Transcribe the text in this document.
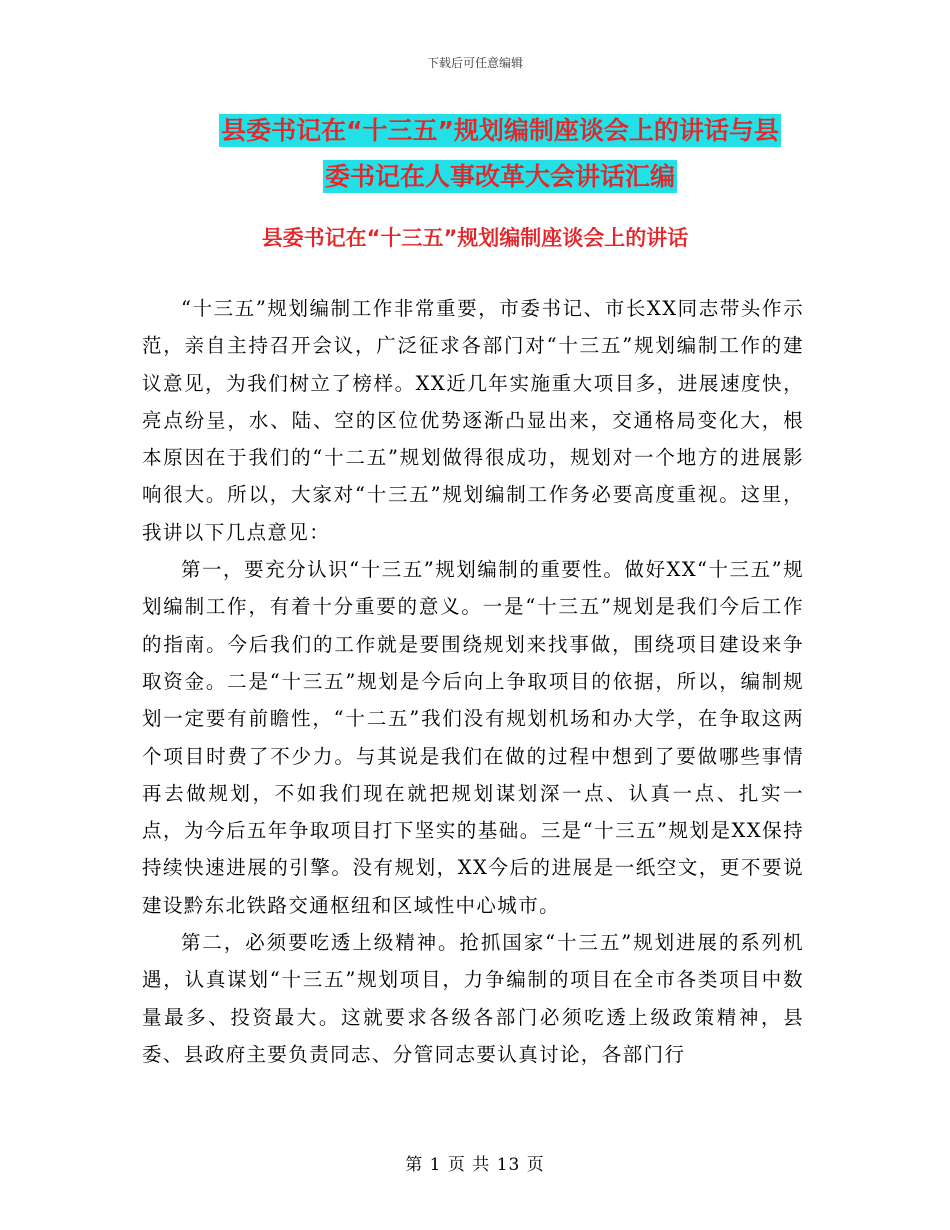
下载后可任意编辑
县委书记在“十三五”规划编制座谈会上的讲话与县
委书记在人事改革大会讲话汇编
县委书记在“十三五”规划编制座谈会上的讲话

“十三五”规划编制工作非常重要，市委书记、市长XX同志带头作示范，亲自主持召开会议，广泛征求各部门对“十三五”规划编制工作的建议意见，为我们树立了榜样。XX近几年实施重大项目多，进展速度快，亮点纷呈，水、陆、空的区位优势逐渐凸显出来，交通格局变化大，根本原因在于我们的“十二五”规划做得很成功，规划对一个地方的进展影响很大。所以，大家对“十三五”规划编制工作务必要高度重视。这里，我讲以下几点意见：

第一，要充分认识“十三五”规划编制的重要性。做好XX“十三五”规划编制工作，有着十分重要的意义。一是“十三五”规划是我们今后工作的指南。今后我们的工作就是要围绕规划来找事做，围绕项目建设来争取资金。二是“十三五”规划是今后向上争取项目的依据，所以，编制规划一定要有前瞻性，“十二五”我们没有规划机场和办大学，在争取这两个项目时费了不少力。与其说是我们在做的过程中想到了要做哪些事情再去做规划，不如我们现在就把规划谋划深一点、认真一点、扎实一点，为今后五年争取项目打下坚实的基础。三是“十三五”规划是XX保持持续快速进展的引擎。没有规划，XX今后的进展是一纸空文，更不要说建设黔东北铁路交通枢纽和区域性中心城市。

第二，必须要吃透上级精神。抢抓国家“十三五”规划进展的系列机遇，认真谋划“十三五”规划项目，力争编制的项目在全市各类项目中数量最多、投资最大。这就要求各级各部门必须吃透上级政策精神，县委、县政府主要负责同志、分管同志要认真讨论，各部门行

第 1 页 共 13 页
